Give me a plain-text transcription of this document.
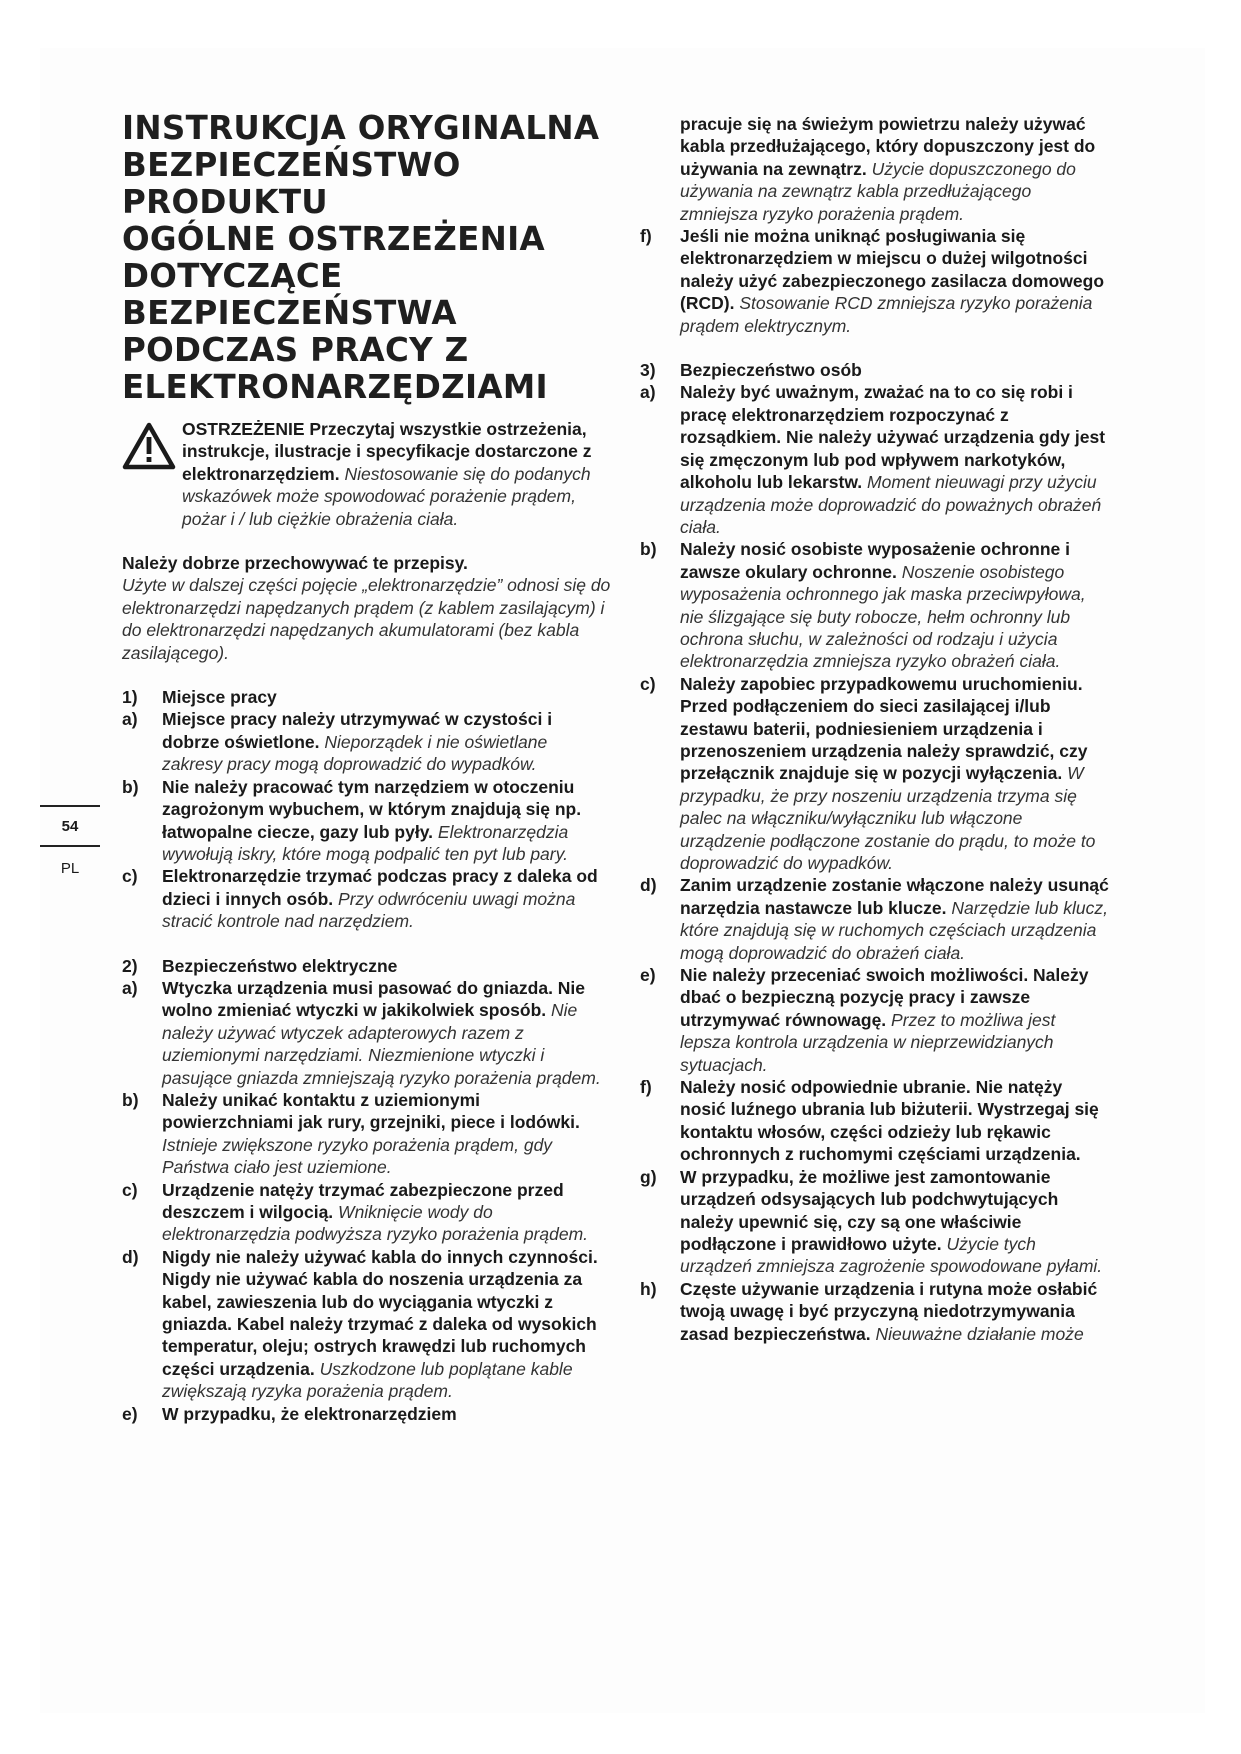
54
PL
INSTRUKCJA ORYGINALNA
BEZPIECZEŃSTWO
PRODUKTU
OGÓLNE OSTRZEŻENIA
DOTYCZĄCE
BEZPIECZEŃSTWA
PODCZAS PRACY Z
ELEKTRONARZĘDZIAMI

OSTRZEŻENIE Przeczytaj wszystkie ostrzeżenia, instrukcje, ilustracje i specyfikacje dostarczone z elektronarzędziem. Niestosowanie się do podanych wskazówek może spowodować porażenie prądem, pożar i / lub ciężkie obrażenia ciała.

Należy dobrze przechowywać te przepisy.
Użyte w dalszej części pojęcie „elektronarzędzie” odnosi się do elektronarzędzi napędzanych prądem (z kablem zasilającym) i do elektronarzędzi napędzanych akumulatorami (bez kabla zasilającego).

1)	Miejsce pracy
a)	Miejsce pracy należy utrzymywać w czystości i dobrze oświetlone. Nieporządek i nie oświetlane zakresy pracy mogą doprowadzić do wypadków.
b)	Nie należy pracować tym narzędziem w otoczeniu zagrożonym wybuchem, w którym znajdują się np. łatwopalne ciecze, gazy lub pyły. Elektronarzędzia wywołują iskry, które mogą podpalić ten pyt lub pary.
c)	Elektronarzędzie trzymać podczas pracy z daleka od dzieci i innych osób. Przy odwróceniu uwagi można stracić kontrole nad narzędziem.
2)	Bezpieczeństwo elektryczne
a)	Wtyczka urządzenia musi pasować do gniazda. Nie wolno zmieniać wtyczki w jakikolwiek sposób. Nie należy używać wtyczek adapterowych razem z uziemionymi narzędziami. Niezmienione wtyczki i pasujące gniazda zmniejszają ryzyko porażenia prądem.
b)	Należy unikać kontaktu z uziemionymi powierzchniami jak rury, grzejniki, piece i lodówki. Istnieje zwiększone ryzyko porażenia prądem, gdy Państwa ciało jest uziemione.
c)	Urządzenie natęży trzymać zabezpieczone przed deszczem i wilgocią. Wniknięcie wody do elektronarzędzia podwyższa ryzyko porażenia prądem.
d)	Nigdy nie należy używać kabla do innych czynności. Nigdy nie używać kabla do noszenia urządzenia za kabel, zawieszenia lub do wyciągania wtyczki z gniazda. Kabel należy trzymać z daleka od wysokich temperatur, oleju; ostrych krawędzi lub ruchomych części urządzenia. Uszkodzone lub poplątane kable zwiększają ryzyka porażenia prądem.
e)	W przypadku, że elektronarzędziem
pracuje się na świeżym powietrzu należy używać kabla przedłużającego, który dopuszczony jest do używania na zewnątrz. Użycie dopuszczonego do używania na zewnątrz kabla przedłużającego zmniejsza ryzyko porażenia prądem.
f)	Jeśli nie można uniknąć posługiwania się elektronarzędziem w miejscu o dużej wilgotności należy użyć zabezpieczonego zasilacza domowego (RCD). Stosowanie RCD zmniejsza ryzyko porażenia prądem elektrycznym.
3)	Bezpieczeństwo osób
a)	Należy być uważnym, zważać na to co się robi i pracę elektronarzędziem rozpoczynać z rozsądkiem. Nie należy używać urządzenia gdy jest się zmęczonym lub pod wpływem narkotyków, alkoholu lub lekarstw. Moment nieuwagi przy użyciu urządzenia może doprowadzić do poważnych obrażeń ciała.
b)	Należy nosić osobiste wyposażenie ochronne i zawsze okulary ochronne. Noszenie osobistego wyposażenia ochronnego jak maska przeciwpyłowa, nie ślizgające się buty robocze, hełm ochronny lub ochrona słuchu, w zależności od rodzaju i użycia elektronarzędzia zmniejsza ryzyko obrażeń ciała.
c)	Należy zapobiec przypadkowemu uruchomieniu. Przed podłączeniem do sieci zasilającej i/lub zestawu baterii, podniesieniem urządzenia i przenoszeniem urządzenia należy sprawdzić, czy przełącznik znajduje się w pozycji wyłączenia. W przypadku, że przy noszeniu urządzenia trzyma się palec na włączniku/wyłączniku lub włączone urządzenie podłączone zostanie do prądu, to może to doprowadzić do wypadków.
d)	Zanim urządzenie zostanie włączone należy usunąć narzędzia nastawcze lub klucze. Narzędzie lub klucz, które znajdują się w ruchomych częściach urządzenia mogą doprowadzić do obrażeń ciała.
e)	Nie należy przeceniać swoich możliwości. Należy dbać o bezpieczną pozycję pracy i zawsze utrzymywać równowagę. Przez to możliwa jest lepsza kontrola urządzenia w nieprzewidzianych sytuacjach.
f)	Należy nosić odpowiednie ubranie. Nie natęży nosić luźnego ubrania lub biżuterii. Wystrzegaj się kontaktu włosów, części odzieży lub rękawic ochronnych z ruchomymi częściami urządzenia.
g)	W przypadku, że możliwe jest zamontowanie urządzeń odsysających lub podchwytujących należy upewnić się, czy są one właściwie podłączone i prawidłowo użyte. Użycie tych urządzeń zmniejsza zagrożenie spowodowane pyłami.
h)	Częste używanie urządzenia i rutyna może osłabić twoją uwagę i być przyczyną niedotrzymywania zasad bezpieczeństwa. Nieuważne działanie może
